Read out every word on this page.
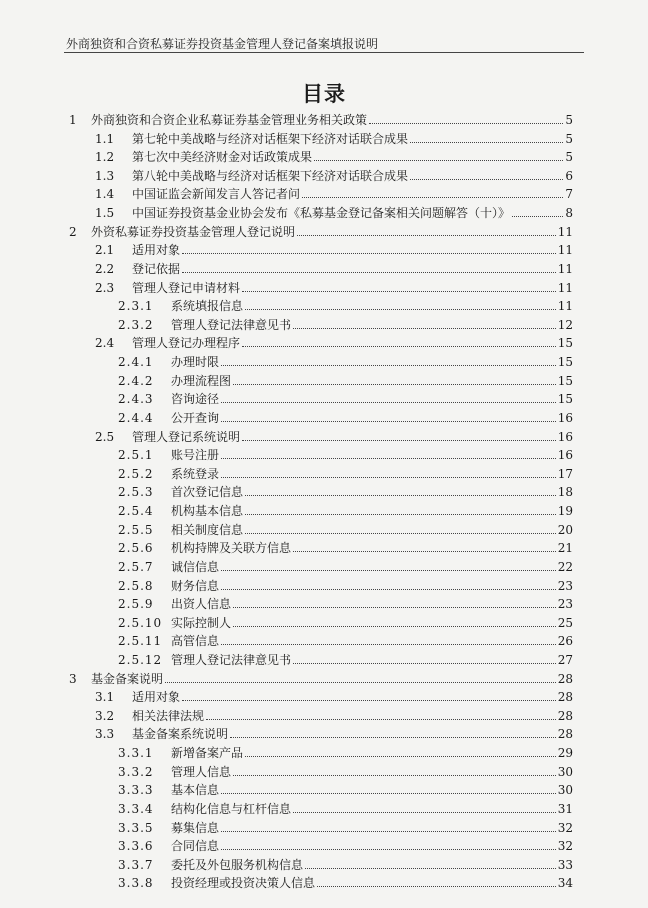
外商独资和合资私募证券投资基金管理人登记备案填报说明
目录
1 外商独资和合资企业私募证券基金管理业务相关政策	5
1.1 第七轮中美战略与经济对话框架下经济对话联合成果	5
1.2 第七次中美经济财金对话政策成果	5
1.3 第八轮中美战略与经济对话框架下经济对话联合成果	6
1.4 中国证监会新闻发言人答记者问	7
1.5 中国证券投资基金业协会发布《私募基金登记备案相关问题解答（十）》	8
2 外资私募证券投资基金管理人登记说明	11
2.1 适用对象	11
2.2 登记依据	11
2.3 管理人登记申请材料	11
2.3.1 系统填报信息	11
2.3.2 管理人登记法律意见书	12
2.4 管理人登记办理程序	15
2.4.1 办理时限	15
2.4.2 办理流程图	15
2.4.3 咨询途径	15
2.4.4 公开查询	16
2.5 管理人登记系统说明	16
2.5.1 账号注册	16
2.5.2 系统登录	17
2.5.3 首次登记信息	18
2.5.4 机构基本信息	19
2.5.5 相关制度信息	20
2.5.6 机构持牌及关联方信息	21
2.5.7 诚信信息	22
2.5.8 财务信息	23
2.5.9 出资人信息	23
2.5.10 实际控制人	25
2.5.11 高管信息	26
2.5.12 管理人登记法律意见书	27
3 基金备案说明	28
3.1 适用对象	28
3.2 相关法律法规	28
3.3 基金备案系统说明	28
3.3.1 新增备案产品	29
3.3.2 管理人信息	30
3.3.3 基本信息	30
3.3.4 结构化信息与杠杆信息	31
3.3.5 募集信息	32
3.3.6 合同信息	32
3.3.7 委托及外包服务机构信息	33
3.3.8 投资经理或投资决策人信息	34
